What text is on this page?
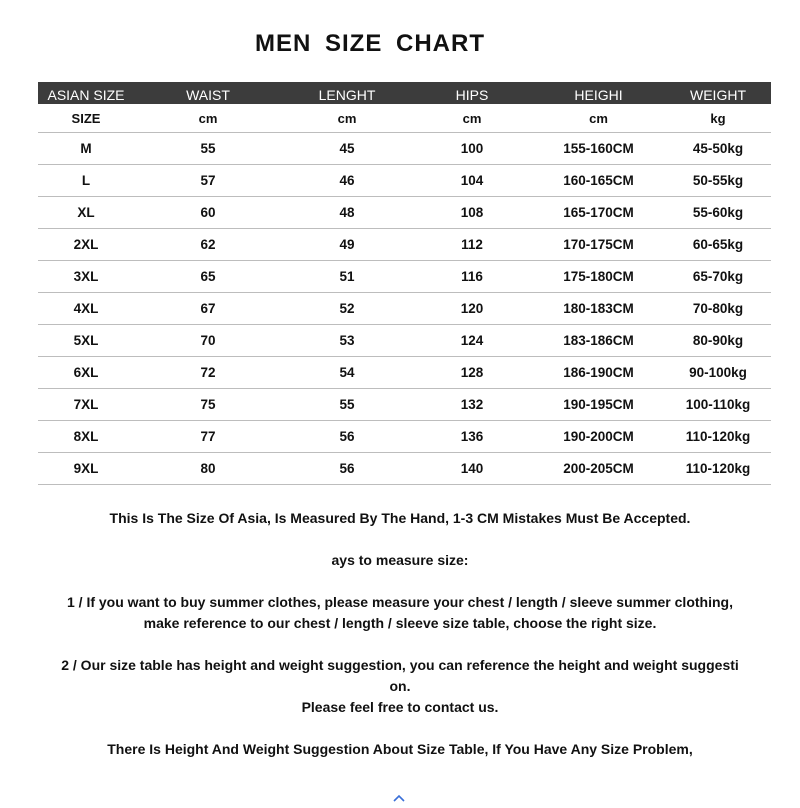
MEN SIZE CHART
ASIAN SIZE	WAIST	LENGHT	HIPS	HEIGHI	WEIGHT
SIZE	cm	cm	cm	cm	kg
M	55	45	100	155-160CM	45-50kg
L	57	46	104	160-165CM	50-55kg
XL	60	48	108	165-170CM	55-60kg
2XL	62	49	112	170-175CM	60-65kg
3XL	65	51	116	175-180CM	65-70kg
4XL	67	52	120	180-183CM	70-80kg
5XL	70	53	124	183-186CM	80-90kg
6XL	72	54	128	186-190CM	90-100kg
7XL	75	55	132	190-195CM	100-110kg
8XL	77	56	136	190-200CM	110-120kg
9XL	80	56	140	200-205CM	110-120kg

This Is The Size Of Asia, Is Measured By The Hand, 1-3 CM Mistakes Must Be Accepted.

ays to measure size:

1 / If you want to buy summer clothes, please measure your chest / length / sleeve summer clothing,

make reference to our chest / length / sleeve size table, choose the right size.

2 / Our size table has height and weight suggestion, you can reference the height and weight suggesti

on.

Please feel free to contact us.

There Is Height And Weight Suggestion About Size Table, If You Have Any Size Problem,
